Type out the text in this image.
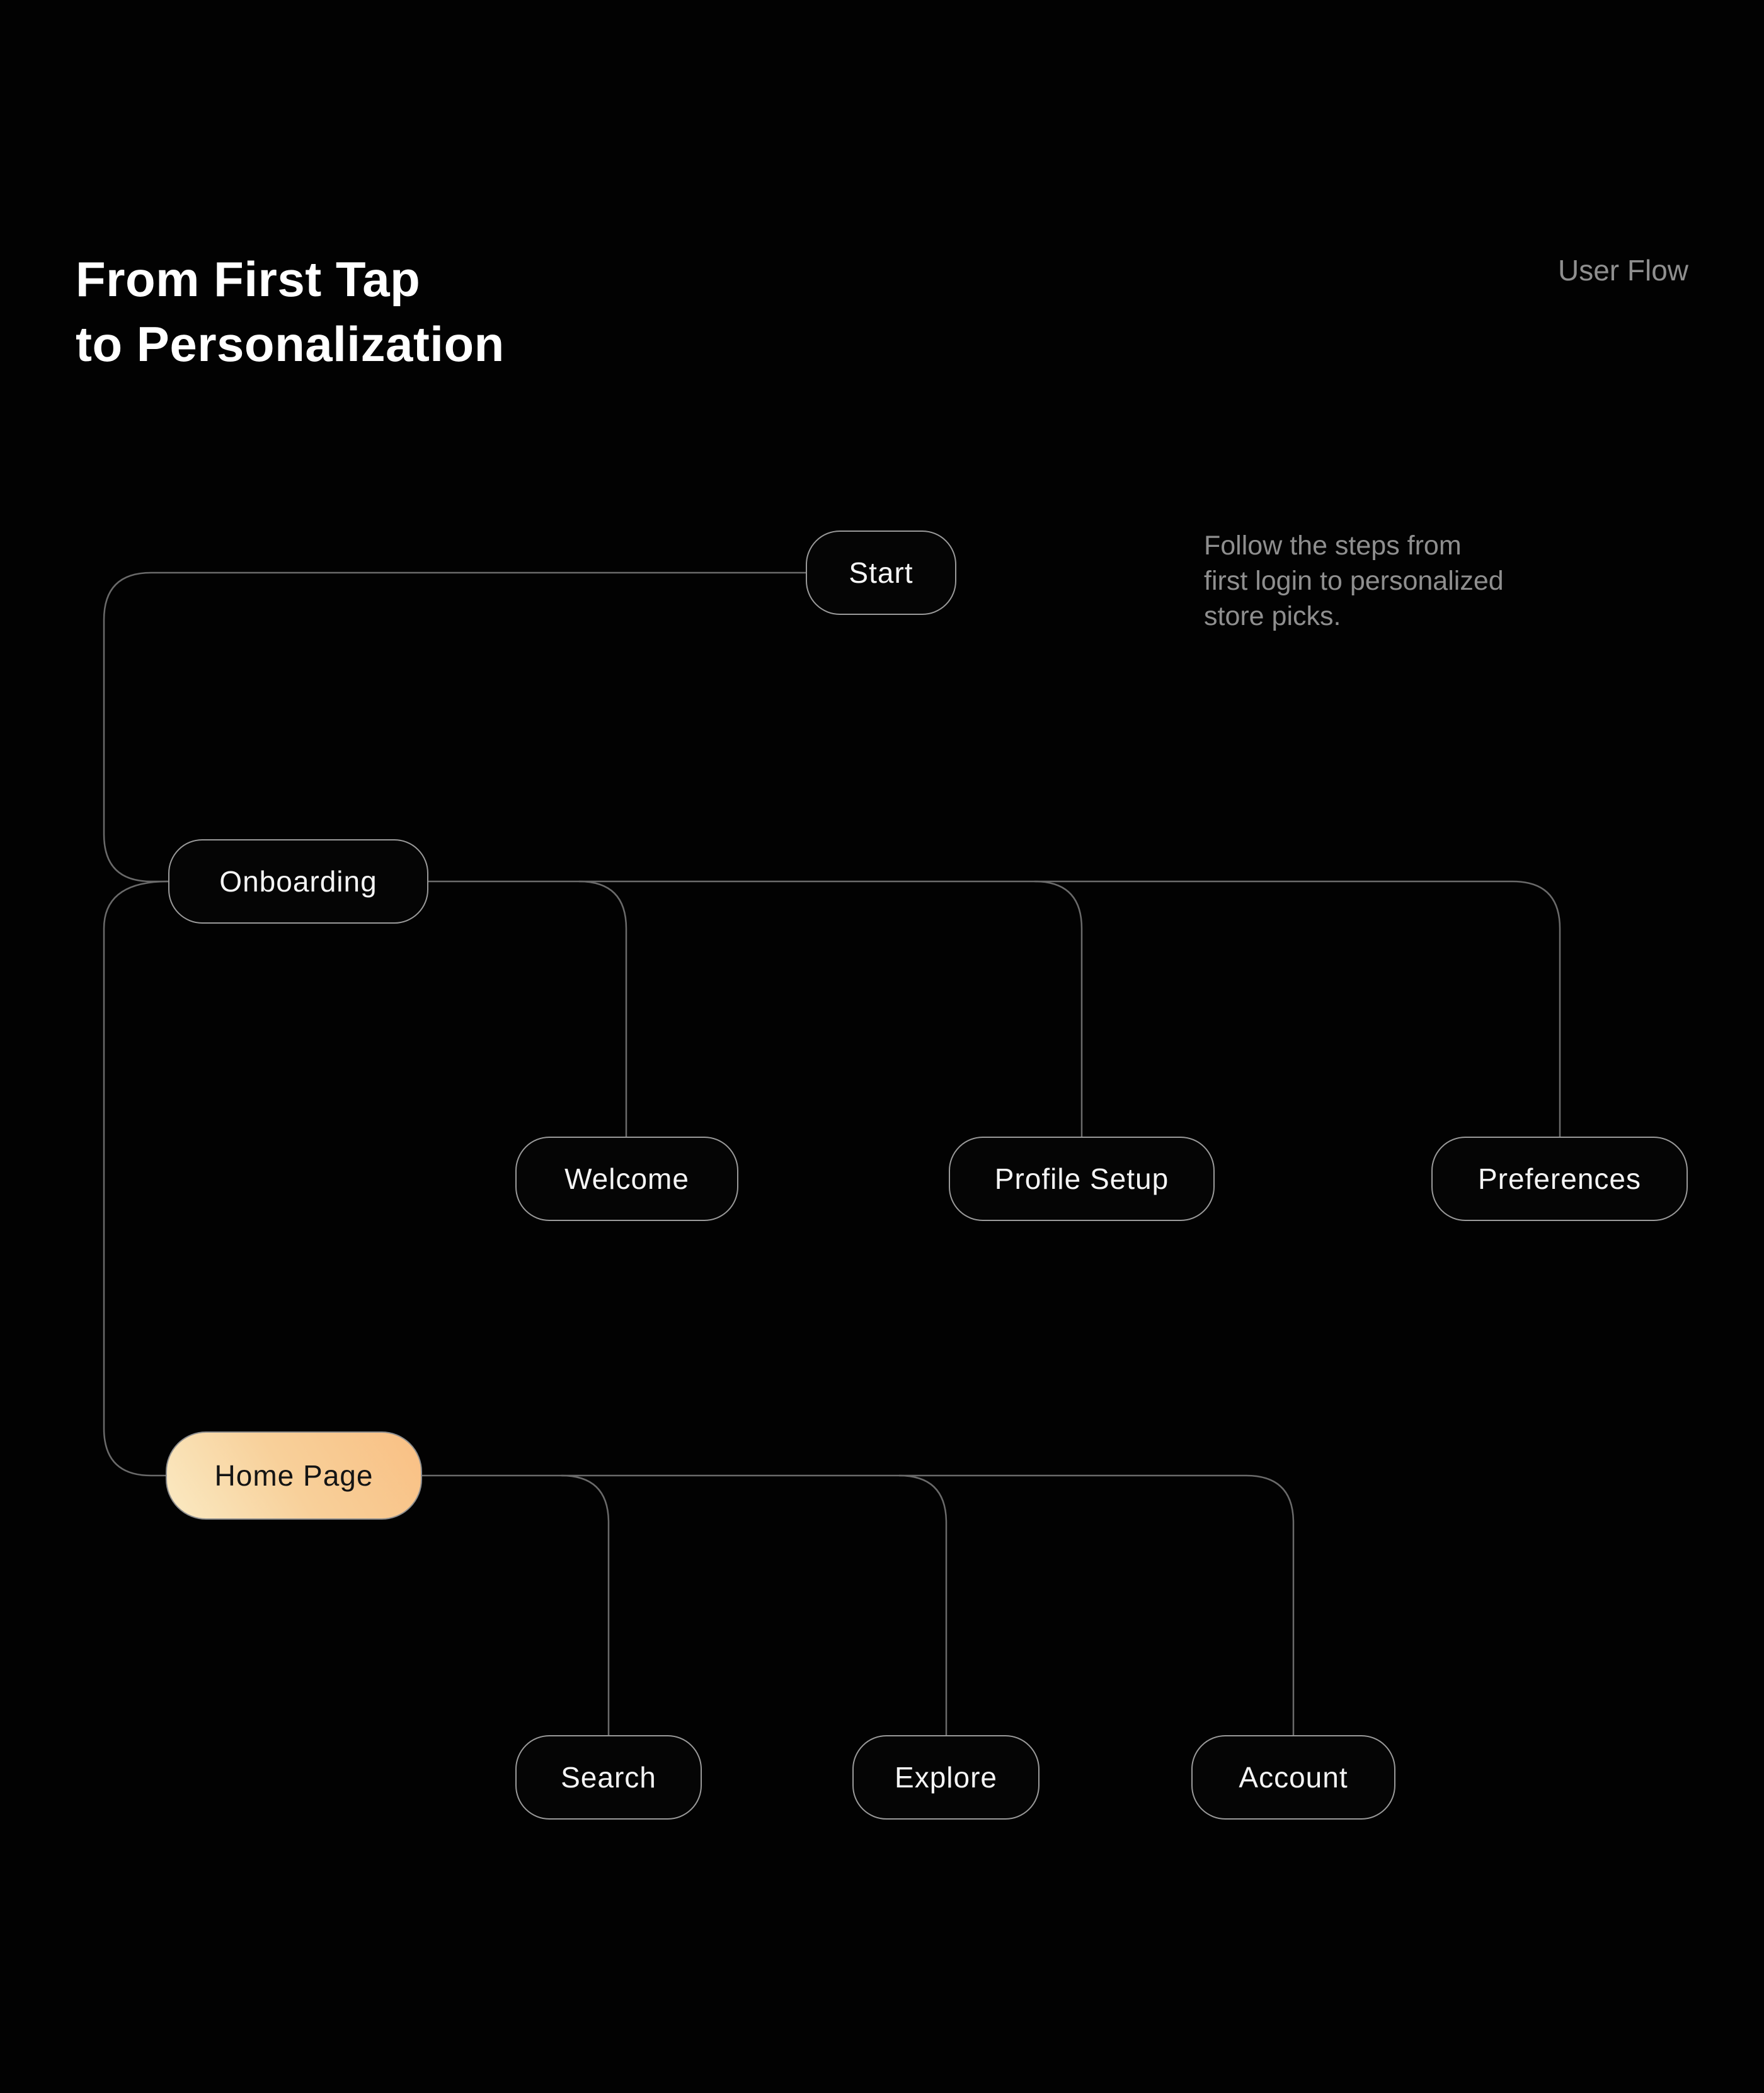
From First Tap
to Personalization
User Flow

Follow the steps from
first login to personalized
store picks.

Start
Onboarding
Welcome	Profile Setup	Preferences
Home Page
Search	Explore	Account
